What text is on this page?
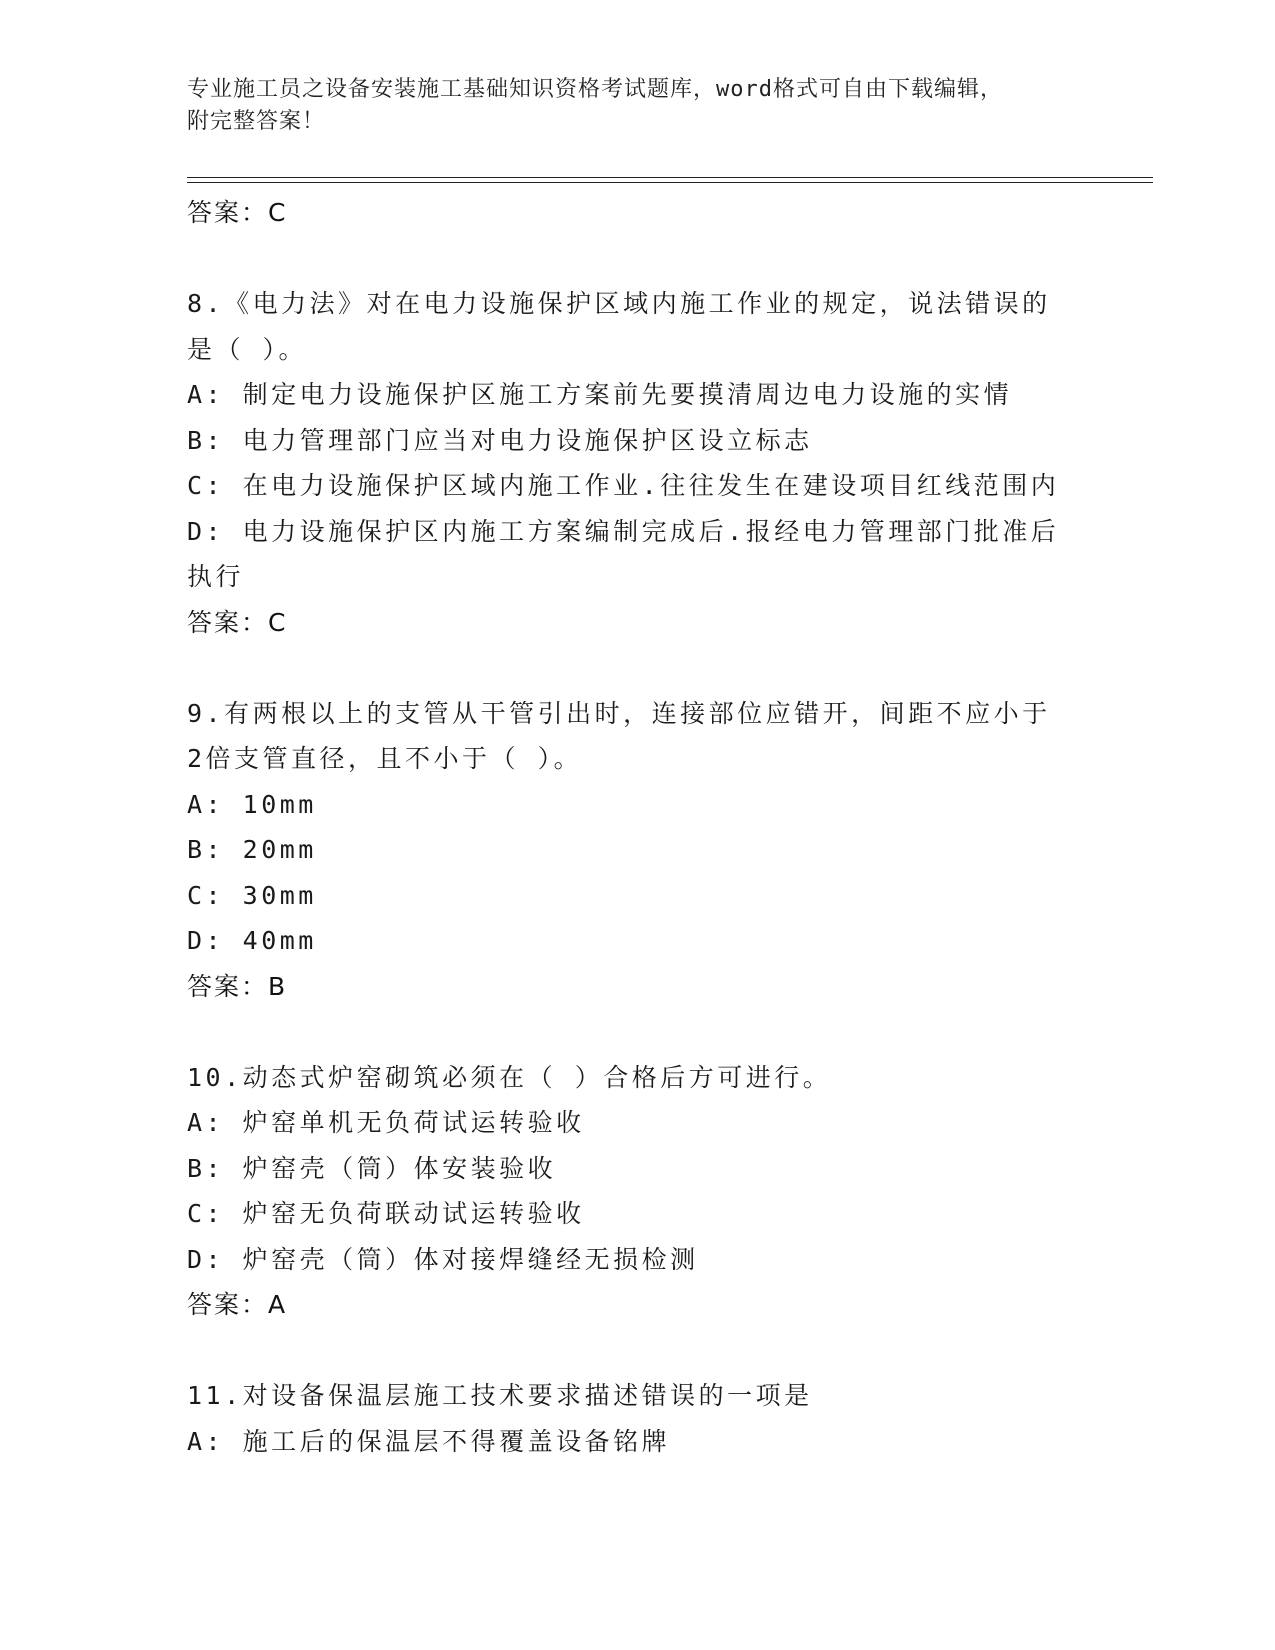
专业施工员之设备安装施工基础知识资格考试题库，word格式可自由下载编辑，
附完整答案！
答案：C
8.《电力法》对在电力设施保护区域内施工作业的规定，说法错误的
是（ ）。
A: 制定电力设施保护区施工方案前先要摸清周边电力设施的实情
B: 电力管理部门应当对电力设施保护区设立标志
C: 在电力设施保护区域内施工作业.往往发生在建设项目红线范围内
D: 电力设施保护区内施工方案编制完成后.报经电力管理部门批准后
执行
答案：C
9.有两根以上的支管从干管引出时，连接部位应错开，间距不应小于
2倍支管直径，且不小于（ ）。
A: 10mm
B: 20mm
C: 30mm
D: 40mm
答案：B
10.动态式炉窑砌筑必须在（ ）合格后方可进行。
A: 炉窑单机无负荷试运转验收
B: 炉窑壳（筒）体安装验收
C: 炉窑无负荷联动试运转验收
D: 炉窑壳（筒）体对接焊缝经无损检测
答案：A
11.对设备保温层施工技术要求描述错误的一项是
A: 施工后的保温层不得覆盖设备铭牌
